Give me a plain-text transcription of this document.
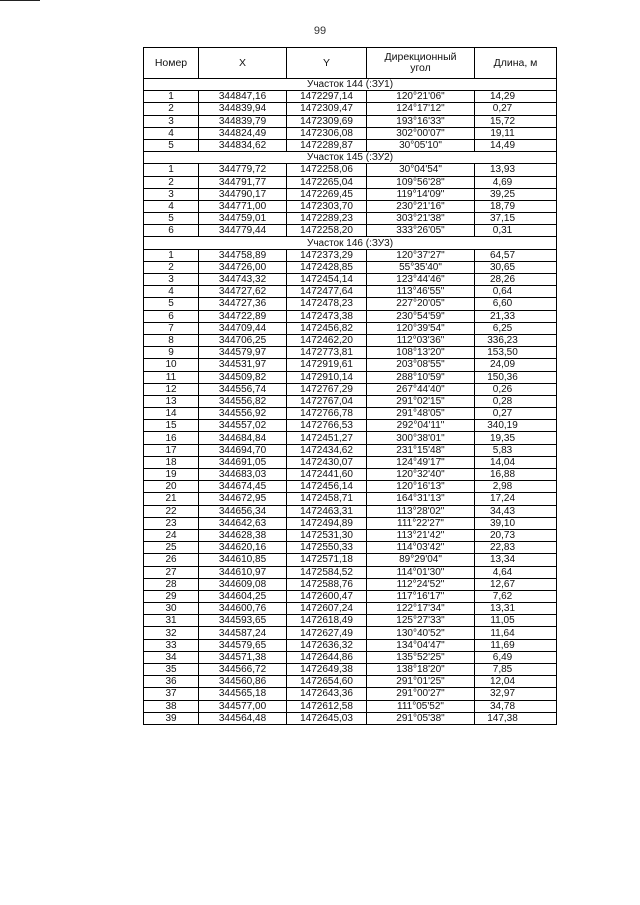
99
Номер	X	Y	Дирекционный угол	Длина, м
Участок 144 (:ЗУ1)				
1	344847,16	1472297,14	120°21'06"	14,29
2	344839,94	1472309,47	124°17'12"	0,27
3	344839,79	1472309,69	193°16'33"	15,72
4	344824,49	1472306,08	302°00'07"	19,11
5	344834,62	1472289,87	30°05'10"	14,49
Участок 145 (:ЗУ2)				
1	344779,72	1472258,06	30°04'54"	13,93
2	344791,77	1472265,04	109°56'28"	4,69
3	344790,17	1472269,45	119°14'09"	39,25
4	344771,00	1472303,70	230°21'16"	18,79
5	344759,01	1472289,23	303°21'38"	37,15
6	344779,44	1472258,20	333°26'05"	0,31
Участок 146 (:ЗУ3)				
1	344758,89	1472373,29	120°37'27"	64,57
2	344726,00	1472428,85	55°35'40"	30,65
3	344743,32	1472454,14	123°44'46"	28,26
4	344727,62	1472477,64	113°46'55"	0,64
5	344727,36	1472478,23	227°20'05"	6,60
6	344722,89	1472473,38	230°54'59"	21,33
7	344709,44	1472456,82	120°39'54"	6,25
8	344706,25	1472462,20	112°03'36"	336,23
9	344579,97	1472773,81	108°13'20"	153,50
10	344531,97	1472919,61	203°08'55"	24,09
11	344509,82	1472910,14	288°10'59"	150,36
12	344556,74	1472767,29	267°44'40"	0,26
13	344556,82	1472767,04	291°02'15"	0,28
14	344556,92	1472766,78	291°48'05"	0,27
15	344557,02	1472766,53	292°04'11"	340,19
16	344684,84	1472451,27	300°38'01"	19,35
17	344694,70	1472434,62	231°15'48"	5,83
18	344691,05	1472430,07	124°49'17"	14,04
19	344683,03	1472441,60	120°32'40"	16,88
20	344674,45	1472456,14	120°16'13"	2,98
21	344672,95	1472458,71	164°31'13"	17,24
22	344656,34	1472463,31	113°28'02"	34,43
23	344642,63	1472494,89	111°22'27"	39,10
24	344628,38	1472531,30	113°21'42"	20,73
25	344620,16	1472550,33	114°03'42"	22,83
26	344610,85	1472571,18	89°29'04"	13,34
27	344610,97	1472584,52	114°01'30"	4,64
28	344609,08	1472588,76	112°24'52"	12,67
29	344604,25	1472600,47	117°16'17"	7,62
30	344600,76	1472607,24	122°17'34"	13,31
31	344593,65	1472618,49	125°27'33"	11,05
32	344587,24	1472627,49	130°40'52"	11,64
33	344579,65	1472636,32	134°04'47"	11,69
34	344571,38	1472644,86	135°52'25"	6,49
35	344566,72	1472649,38	138°18'20"	7,85
36	344560,86	1472654,60	291°01'25"	12,04
37	344565,18	1472643,36	291°00'27"	32,97
38	344577,00	1472612,58	111°05'52"	34,78
39	344564,48	1472645,03	291°05'38"	147,38
